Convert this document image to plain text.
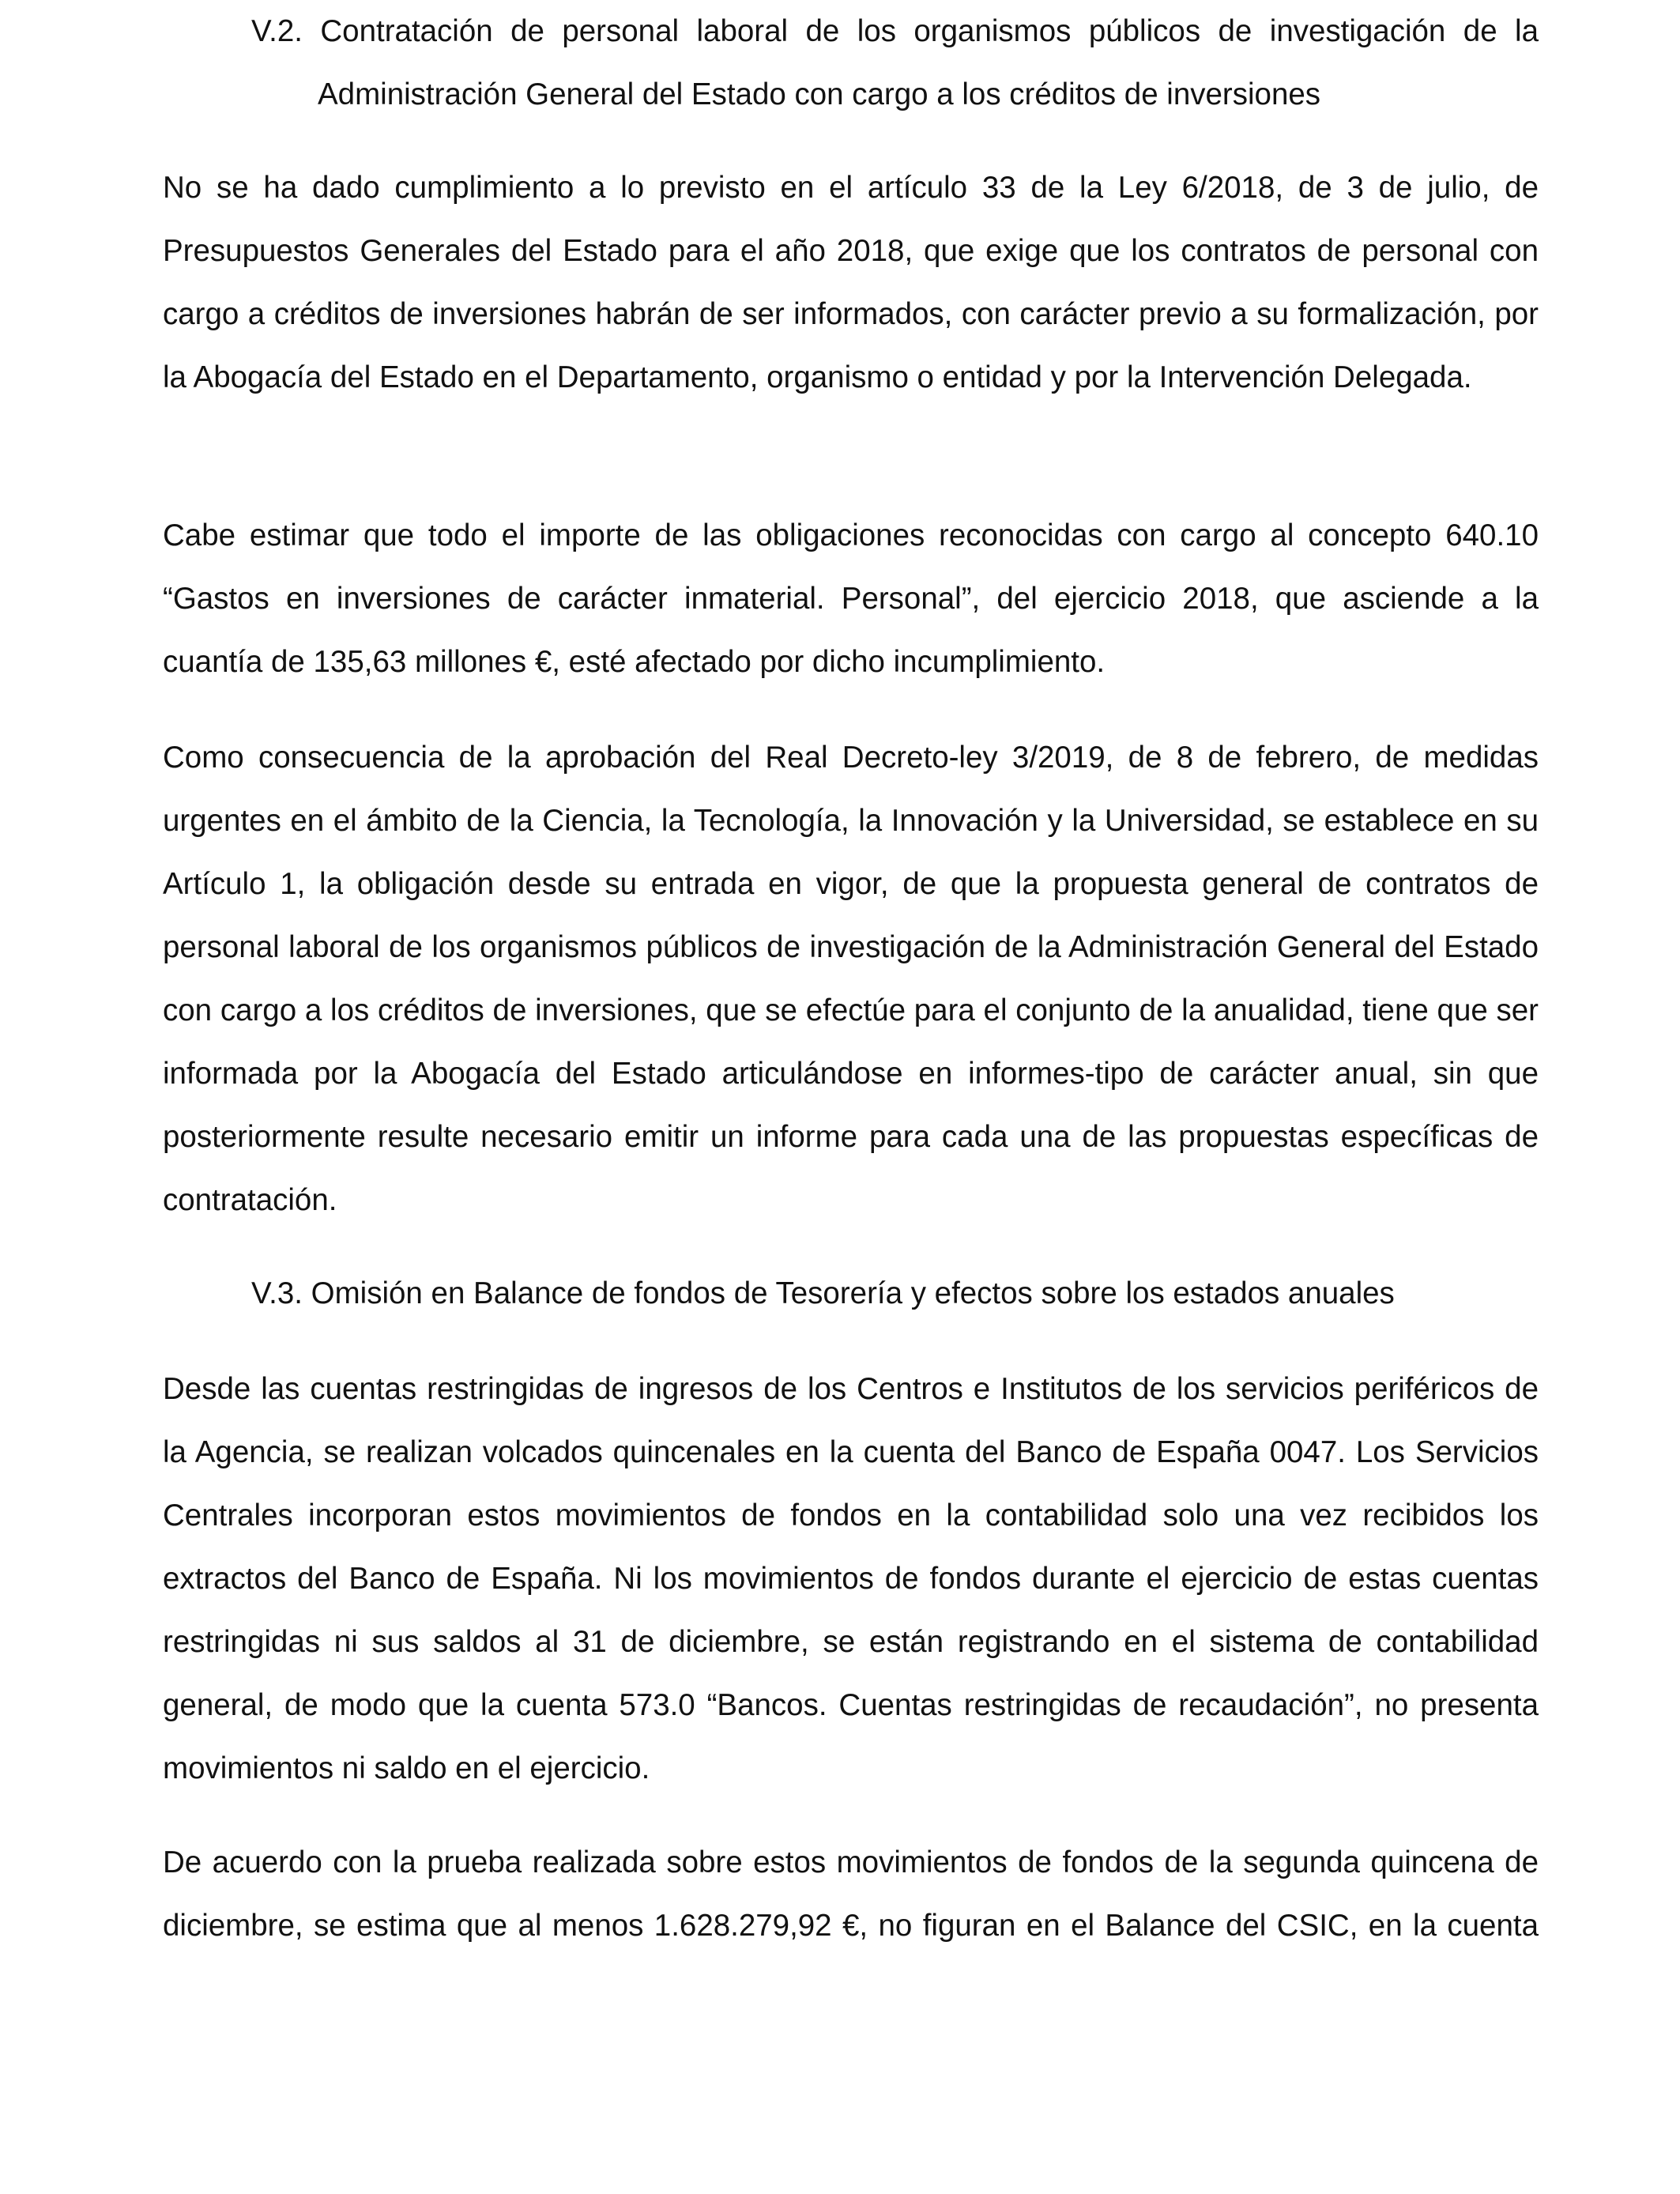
V.2. Contratación de personal laboral de los organismos públicos de investigación de la
Administración General del Estado con cargo a los créditos de inversiones

No se ha dado cumplimiento a lo previsto en el artículo 33 de la Ley 6/2018, de 3 de julio, de Presupuestos Generales del Estado para el año 2018, que exige que los contratos de personal con cargo a créditos de inversiones habrán de ser informados, con carácter previo a su formalización, por la Abogacía del Estado en el Departamento, organismo o entidad y por la Intervención Delegada.

Cabe estimar que todo el importe de las obligaciones reconocidas con cargo al concepto 640.10 “Gastos en inversiones de carácter inmaterial. Personal”, del ejercicio 2018, que asciende a la cuantía de 135,63 millones €, esté afectado por dicho incumplimiento.

Como consecuencia de la aprobación del Real Decreto-ley 3/2019, de 8 de febrero, de medidas urgentes en el ámbito de la Ciencia, la Tecnología, la Innovación y la Universidad, se establece en su Artículo 1, la obligación desde su entrada en vigor, de que la propuesta general de contratos de personal laboral de los organismos públicos de investigación de la Administración General del Estado con cargo a los créditos de inversiones, que se efectúe para el conjunto de la anualidad, tiene que ser informada por la Abogacía del Estado articulándose en informes-tipo de carácter anual, sin que posteriormente resulte necesario emitir un informe para cada una de las propuestas específicas de contratación.

V.3. Omisión en Balance de fondos de Tesorería y efectos sobre los estados anuales

Desde las cuentas restringidas de ingresos de los Centros e Institutos de los servicios periféricos de la Agencia, se realizan volcados quincenales en la cuenta del Banco de España 0047. Los Servicios Centrales incorporan estos movimientos de fondos en la contabilidad solo una vez recibidos los extractos del Banco de España. Ni los movimientos de fondos durante el ejercicio de estas cuentas restringidas ni sus saldos al 31 de diciembre, se están registrando en el sistema de contabilidad general, de modo que la cuenta 573.0 “Bancos. Cuentas restringidas de recaudación”, no presenta movimientos ni saldo en el ejercicio.

De acuerdo con la prueba realizada sobre estos movimientos de fondos de la segunda quincena de diciembre, se estima que al menos 1.628.279,92 €, no figuran en el Balance del CSIC, en la cuenta
